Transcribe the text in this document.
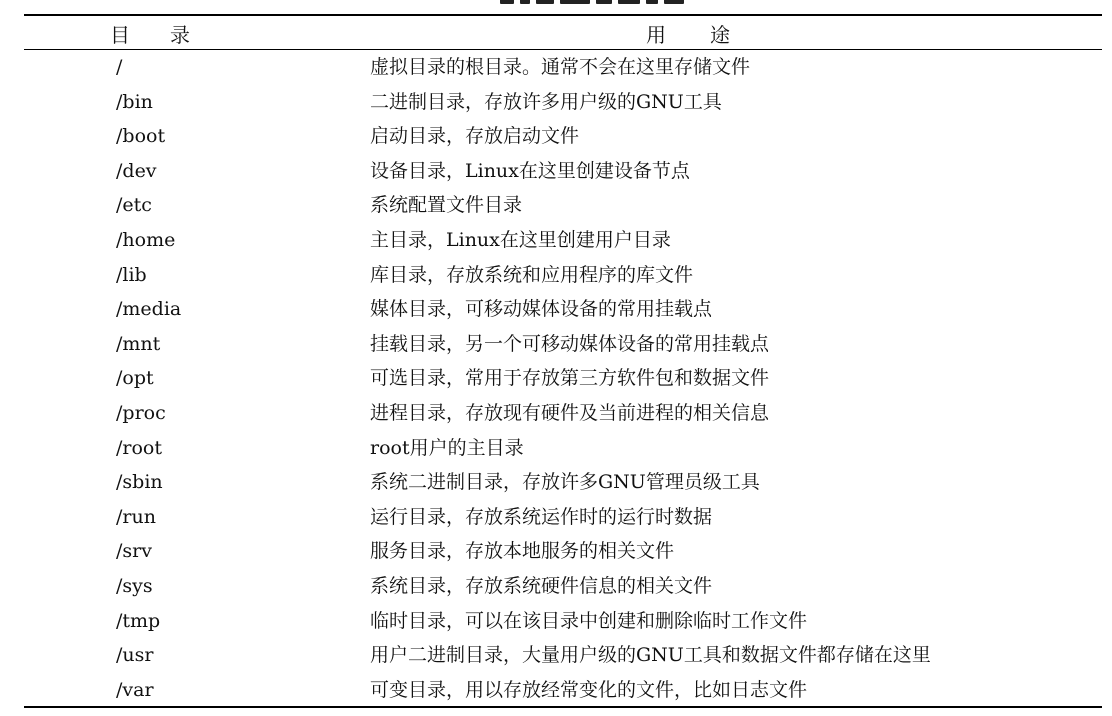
目 录	用 途
/	虚拟目录的根目录。通常不会在这里存储文件
/bin	二进制目录，存放许多用户级的GNU工具
/boot	启动目录，存放启动文件
/dev	设备目录，Linux在这里创建设备节点
/etc	系统配置文件目录
/home	主目录，Linux在这里创建用户目录
/lib	库目录，存放系统和应用程序的库文件
/media	媒体目录，可移动媒体设备的常用挂载点
/mnt	挂载目录，另一个可移动媒体设备的常用挂载点
/opt	可选目录，常用于存放第三方软件包和数据文件
/proc	进程目录，存放现有硬件及当前进程的相关信息
/root	root用户的主目录
/sbin	系统二进制目录，存放许多GNU管理员级工具
/run	运行目录，存放系统运作时的运行时数据
/srv	服务目录，存放本地服务的相关文件
/sys	系统目录，存放系统硬件信息的相关文件
/tmp	临时目录，可以在该目录中创建和删除临时工作文件
/usr	用户二进制目录，大量用户级的GNU工具和数据文件都存储在这里
/var	可变目录，用以存放经常变化的文件，比如日志文件
